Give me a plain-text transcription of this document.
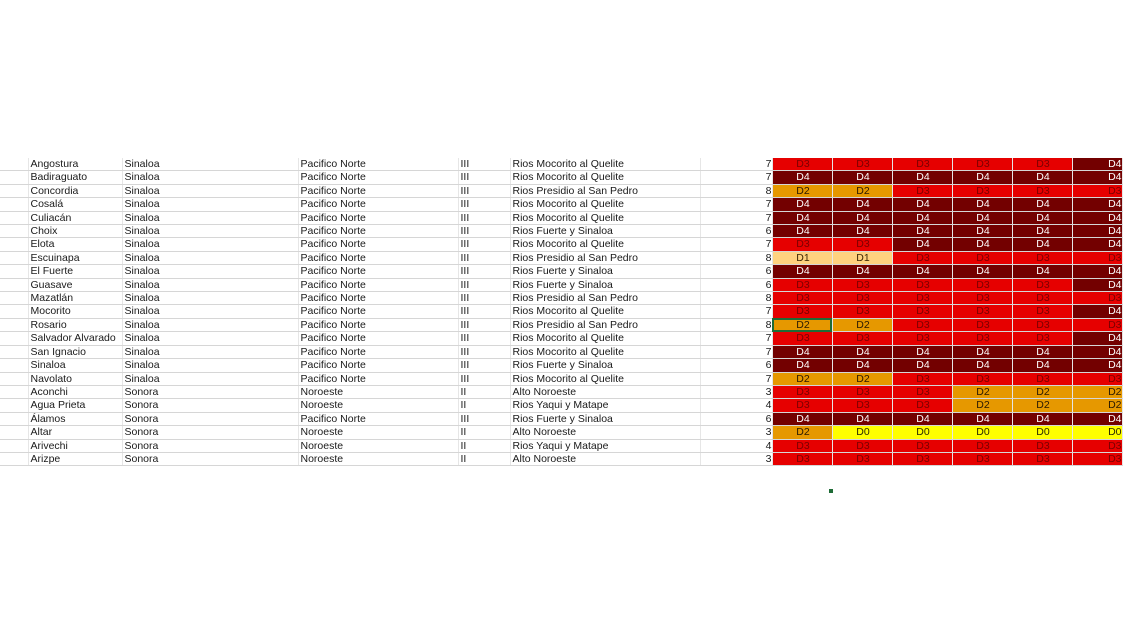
	Angostura	Sinaloa	Pacifico Norte	III	Rios Mocorito al Quelite	7	D3	D3	D3	D3	D3	D4
	Badiraguato	Sinaloa	Pacifico Norte	III	Rios Mocorito al Quelite	7	D4	D4	D4	D4	D4	D4
	Concordia	Sinaloa	Pacifico Norte	III	Rios Presidio al San Pedro	8	D2	D2	D3	D3	D3	D3
	Cosalá	Sinaloa	Pacifico Norte	III	Rios Mocorito al Quelite	7	D4	D4	D4	D4	D4	D4
	Culiacán	Sinaloa	Pacifico Norte	III	Rios Mocorito al Quelite	7	D4	D4	D4	D4	D4	D4
	Choix	Sinaloa	Pacifico Norte	III	Rios Fuerte y Sinaloa	6	D4	D4	D4	D4	D4	D4
	Elota	Sinaloa	Pacifico Norte	III	Rios Mocorito al Quelite	7	D3	D3	D4	D4	D4	D4
	Escuinapa	Sinaloa	Pacifico Norte	III	Rios Presidio al San Pedro	8	D1	D1	D3	D3	D3	D3
	El Fuerte	Sinaloa	Pacifico Norte	III	Rios Fuerte y Sinaloa	6	D4	D4	D4	D4	D4	D4
	Guasave	Sinaloa	Pacifico Norte	III	Rios Fuerte y Sinaloa	6	D3	D3	D3	D3	D3	D4
	Mazatlán	Sinaloa	Pacifico Norte	III	Rios Presidio al San Pedro	8	D3	D3	D3	D3	D3	D3
	Mocorito	Sinaloa	Pacifico Norte	III	Rios Mocorito al Quelite	7	D3	D3	D3	D3	D3	D4
	Rosario	Sinaloa	Pacifico Norte	III	Rios Presidio al San Pedro	8	D2	D2	D3	D3	D3	D3
	Salvador Alvarado	Sinaloa	Pacifico Norte	III	Rios Mocorito al Quelite	7	D3	D3	D3	D3	D3	D4
	San Ignacio	Sinaloa	Pacifico Norte	III	Rios Mocorito al Quelite	7	D4	D4	D4	D4	D4	D4
	Sinaloa	Sinaloa	Pacifico Norte	III	Rios Fuerte y Sinaloa	6	D4	D4	D4	D4	D4	D4
	Navolato	Sinaloa	Pacifico Norte	III	Rios Mocorito al Quelite	7	D2	D2	D3	D3	D3	D3
	Aconchi	Sonora	Noroeste	II	Alto Noroeste	3	D3	D3	D3	D2	D2	D2
	Agua Prieta	Sonora	Noroeste	II	Rios Yaqui y Matape	4	D3	D3	D3	D2	D2	D2
	Álamos	Sonora	Pacifico Norte	III	Rios Fuerte y Sinaloa	6	D4	D4	D4	D4	D4	D4
	Altar	Sonora	Noroeste	II	Alto Noroeste	3	D2	D0	D0	D0	D0	D0
	Arivechi	Sonora	Noroeste	II	Rios Yaqui y Matape	4	D3	D3	D3	D3	D3	D3
	Arizpe	Sonora	Noroeste	II	Alto Noroeste	3	D3	D3	D3	D3	D3	D3
